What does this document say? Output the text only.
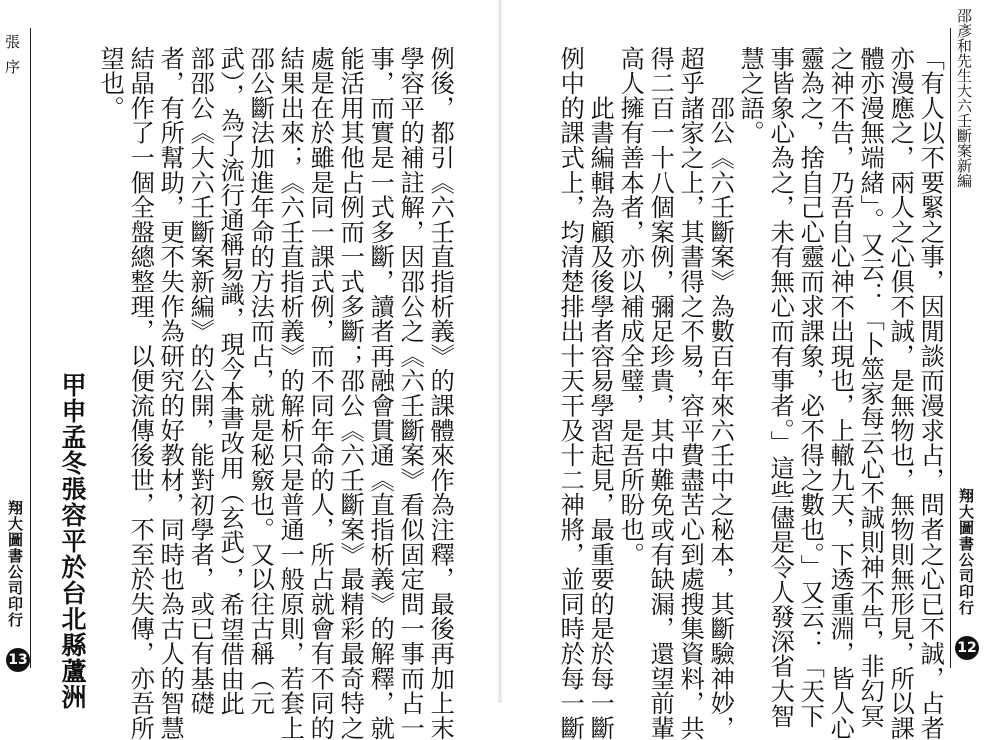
張序
翔大圖書公司印行
13 甲申孟冬張容平於台北縣蘆洲
望也。 結晶作了一個全盤總整理，以便流傳後世，不至於失傳，亦吾所 者，有所幫助，更不失作為研究的好教材，同時也為古人的智慧 部邵公《大六壬斷案新編》的公開，能對初學者，或已有基礎 武），為了流行通稱易識，現今本書改用（玄武），希望借由此 邵公斷法加進年命的方法而占，就是秘竅也。又以往古稱（元 結果出來；《六壬直指析義》的解析只是普通一般原則，若套上 處是在於雖是同一課式例，而不同年命的人，所占就會有不同的 能活用其他占例而一式多斷；邵公《六壬斷案》最精彩最奇特之 事，而實是一式多斷，讀者再融會貫通《直指析義》的解釋，就 學容平的補註解，因邵公之《六壬斷案》看似固定問一事而占一 例後，都引《六壬直指析義》的課體來作為注釋，最後再加上末	例中的課式上，均清楚排出十天干及十二神將，並同時於每一斷 　　此書編輯為顧及後學者容易學習起見，最重要的是於每一斷 高人擁有善本者，亦以補成全璧，是吾所盼也。 得二百一十八個案例，彌足珍貴，其中難免或有缺漏，還望前輩 超乎諸家之上，其書得之不易，容平費盡苦心到處搜集資料，共 　　邵公《六壬斷案》為數百年來六壬中之秘本，其斷驗神妙， 慧之語。	邵彥和先生大六壬斷案新編
翔大圖書公司印行
12
「有人以不要緊之事，因閒談而漫求占，問者之心已不誠，占者
亦漫應之，兩人之心俱不誠，是無物也，無物則無形見，所以課
體亦漫無端緒」。又云：「卜筮家每云心不誠則神不告，非幻冥
之神不告，乃吾自心神不出現也，上轍九天，下透重淵，皆人心
靈為之，捨自己心靈而求課象，必不得之數也。」又云：「天下
事皆象心為之，未有無心而有事者。」這些儘是令人發深省大智
